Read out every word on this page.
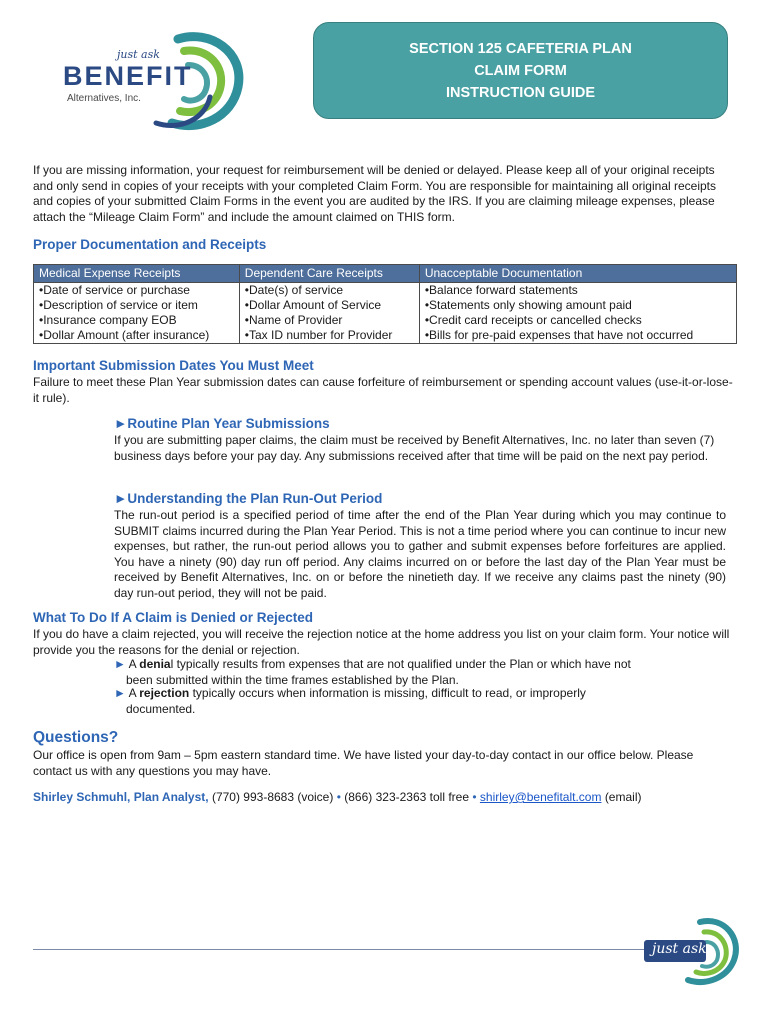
just ask
BENEFIT
Alternatives, Inc.
SECTION 125 CAFETERIA PLAN
CLAIM FORM
INSTRUCTION GUIDE

If you are missing information, your request for reimbursement will be denied or delayed. Please keep all of your original receipts and only send in copies of your receipts with your completed Claim Form. You are responsible for maintaining all original receipts and copies of your submitted Claim Forms in the event you are audited by the IRS. If you are claiming mileage expenses, please attach the “Mileage Claim Form” and include the amount claimed on THIS form.

Proper Documentation and Receipts
Medical Expense Receipts	Dependent Care Receipts	Unacceptable Documentation
•Date of service or purchase	•Date(s) of service	•Balance forward statements
•Description of service or item	•Dollar Amount of Service	•Statements only showing amount paid
•Insurance company EOB	•Name of Provider	•Credit card receipts or cancelled checks
•Dollar Amount (after insurance)	•Tax ID number for Provider	•Bills for pre-paid expenses that have not occurred
Important Submission Dates You Must Meet

Failure to meet these Plan Year submission dates can cause forfeiture of reimbursement or spending account values (use-it-or-lose-it rule).

►Routine Plan Year Submissions

If you are submitting paper claims, the claim must be received by Benefit Alternatives, Inc. no later than seven (7) business days before your pay day. Any submissions received after that time will be paid on the next pay period.

►Understanding the Plan Run-Out Period

The run-out period is a specified period of time after the end of the Plan Year during which you may continue to SUBMIT claims incurred during the Plan Year Period. This is not a time period where you can continue to incur new expenses, but rather, the run-out period allows you to gather and submit expenses before forfeitures are applied. You have a ninety (90) day run off period. Any claims incurred on or before the last day of the Plan Year must be received by Benefit Alternatives, Inc. on or before the ninetieth day. If we receive any claims past the ninety (90) day run-out period, they will not be paid.

What To Do If A Claim is Denied or Rejected

If you do have a claim rejected, you will receive the rejection notice at the home address you list on your claim form. Your notice will provide you the reasons for the denial or rejection.

► A denial typically results from expenses that are not qualified under the Plan or which have not been submitted within the time frames established by the Plan.
► A rejection typically occurs when information is missing, difficult to read, or improperly documented.
Questions?

Our office is open from 9am – 5pm eastern standard time. We have listed your day-to-day contact in our office below. Please contact us with any questions you may have.

Shirley Schmuhl, Plan Analyst, (770) 993-8683 (voice) • (866) 323-2363 toll free • shirley@benefitalt.com (email)
just ask
